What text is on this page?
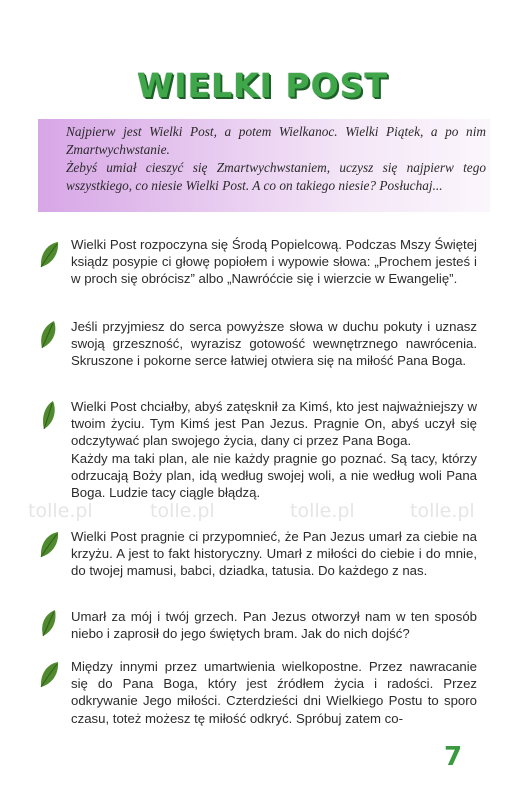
WIELKI POST

Najpierw jest Wielki Post, a potem Wielkanoc. Wielki Piątek, a po nim Zmartwychwstanie.

Żebyś umiał cieszyć się Zmartwychwstaniem, uczysz się najpierw tego wszystkiego, co niesie Wielki Post. A co on takiego niesie? Posłuchaj...

Wielki Post rozpoczyna się Środą Popielcową. Podczas Mszy Świętej ksiądz posypie ci głowę popiołem i wypowie słowa: „Prochem jesteś i w proch się obrócisz” albo „Nawróćcie się i wierzcie w Ewangelię”.

Jeśli przyjmiesz do serca powyższe słowa w duchu pokuty i uznasz swoją grzeszność, wyrazisz gotowość wewnętrznego nawrócenia. Skruszone i pokorne serce łatwiej otwiera się na miłość Pana Boga.

Wielki Post chciałby, abyś zatęsknił za Kimś, kto jest najważniejszy w twoim życiu. Tym Kimś jest Pan Jezus. Pragnie On, abyś uczył się odczytywać plan swojego życia, dany ci przez Pana Boga.

Każdy ma taki plan, ale nie każdy pragnie go poznać. Są tacy, którzy odrzucają Boży plan, idą według swojej woli, a nie według woli Pana Boga. Ludzie tacy ciągle błądzą.

Wielki Post pragnie ci przypomnieć, że Pan Jezus umarł za ciebie na krzyżu. A jest to fakt historyczny. Umarł z miłości do ciebie i do mnie, do twojej mamusi, babci, dziadka, tatusia. Do każdego z nas.

Umarł za mój i twój grzech. Pan Jezus otworzył nam w ten sposób niebo i zaprosił do jego świętych bram. Jak do nich dojść?

Między innymi przez umartwienia wielkopostne. Przez nawracanie się do Pana Boga, który jest źródłem życia i radości. Przez odkrywanie Jego miłości. Czterdzieści dni Wielkiego Postu to sporo czasu, toteż możesz tę miłość odkryć. Spróbuj zatem co-

tolle.pl	tolle.pl	tolle.pl	tolle.pl
7
